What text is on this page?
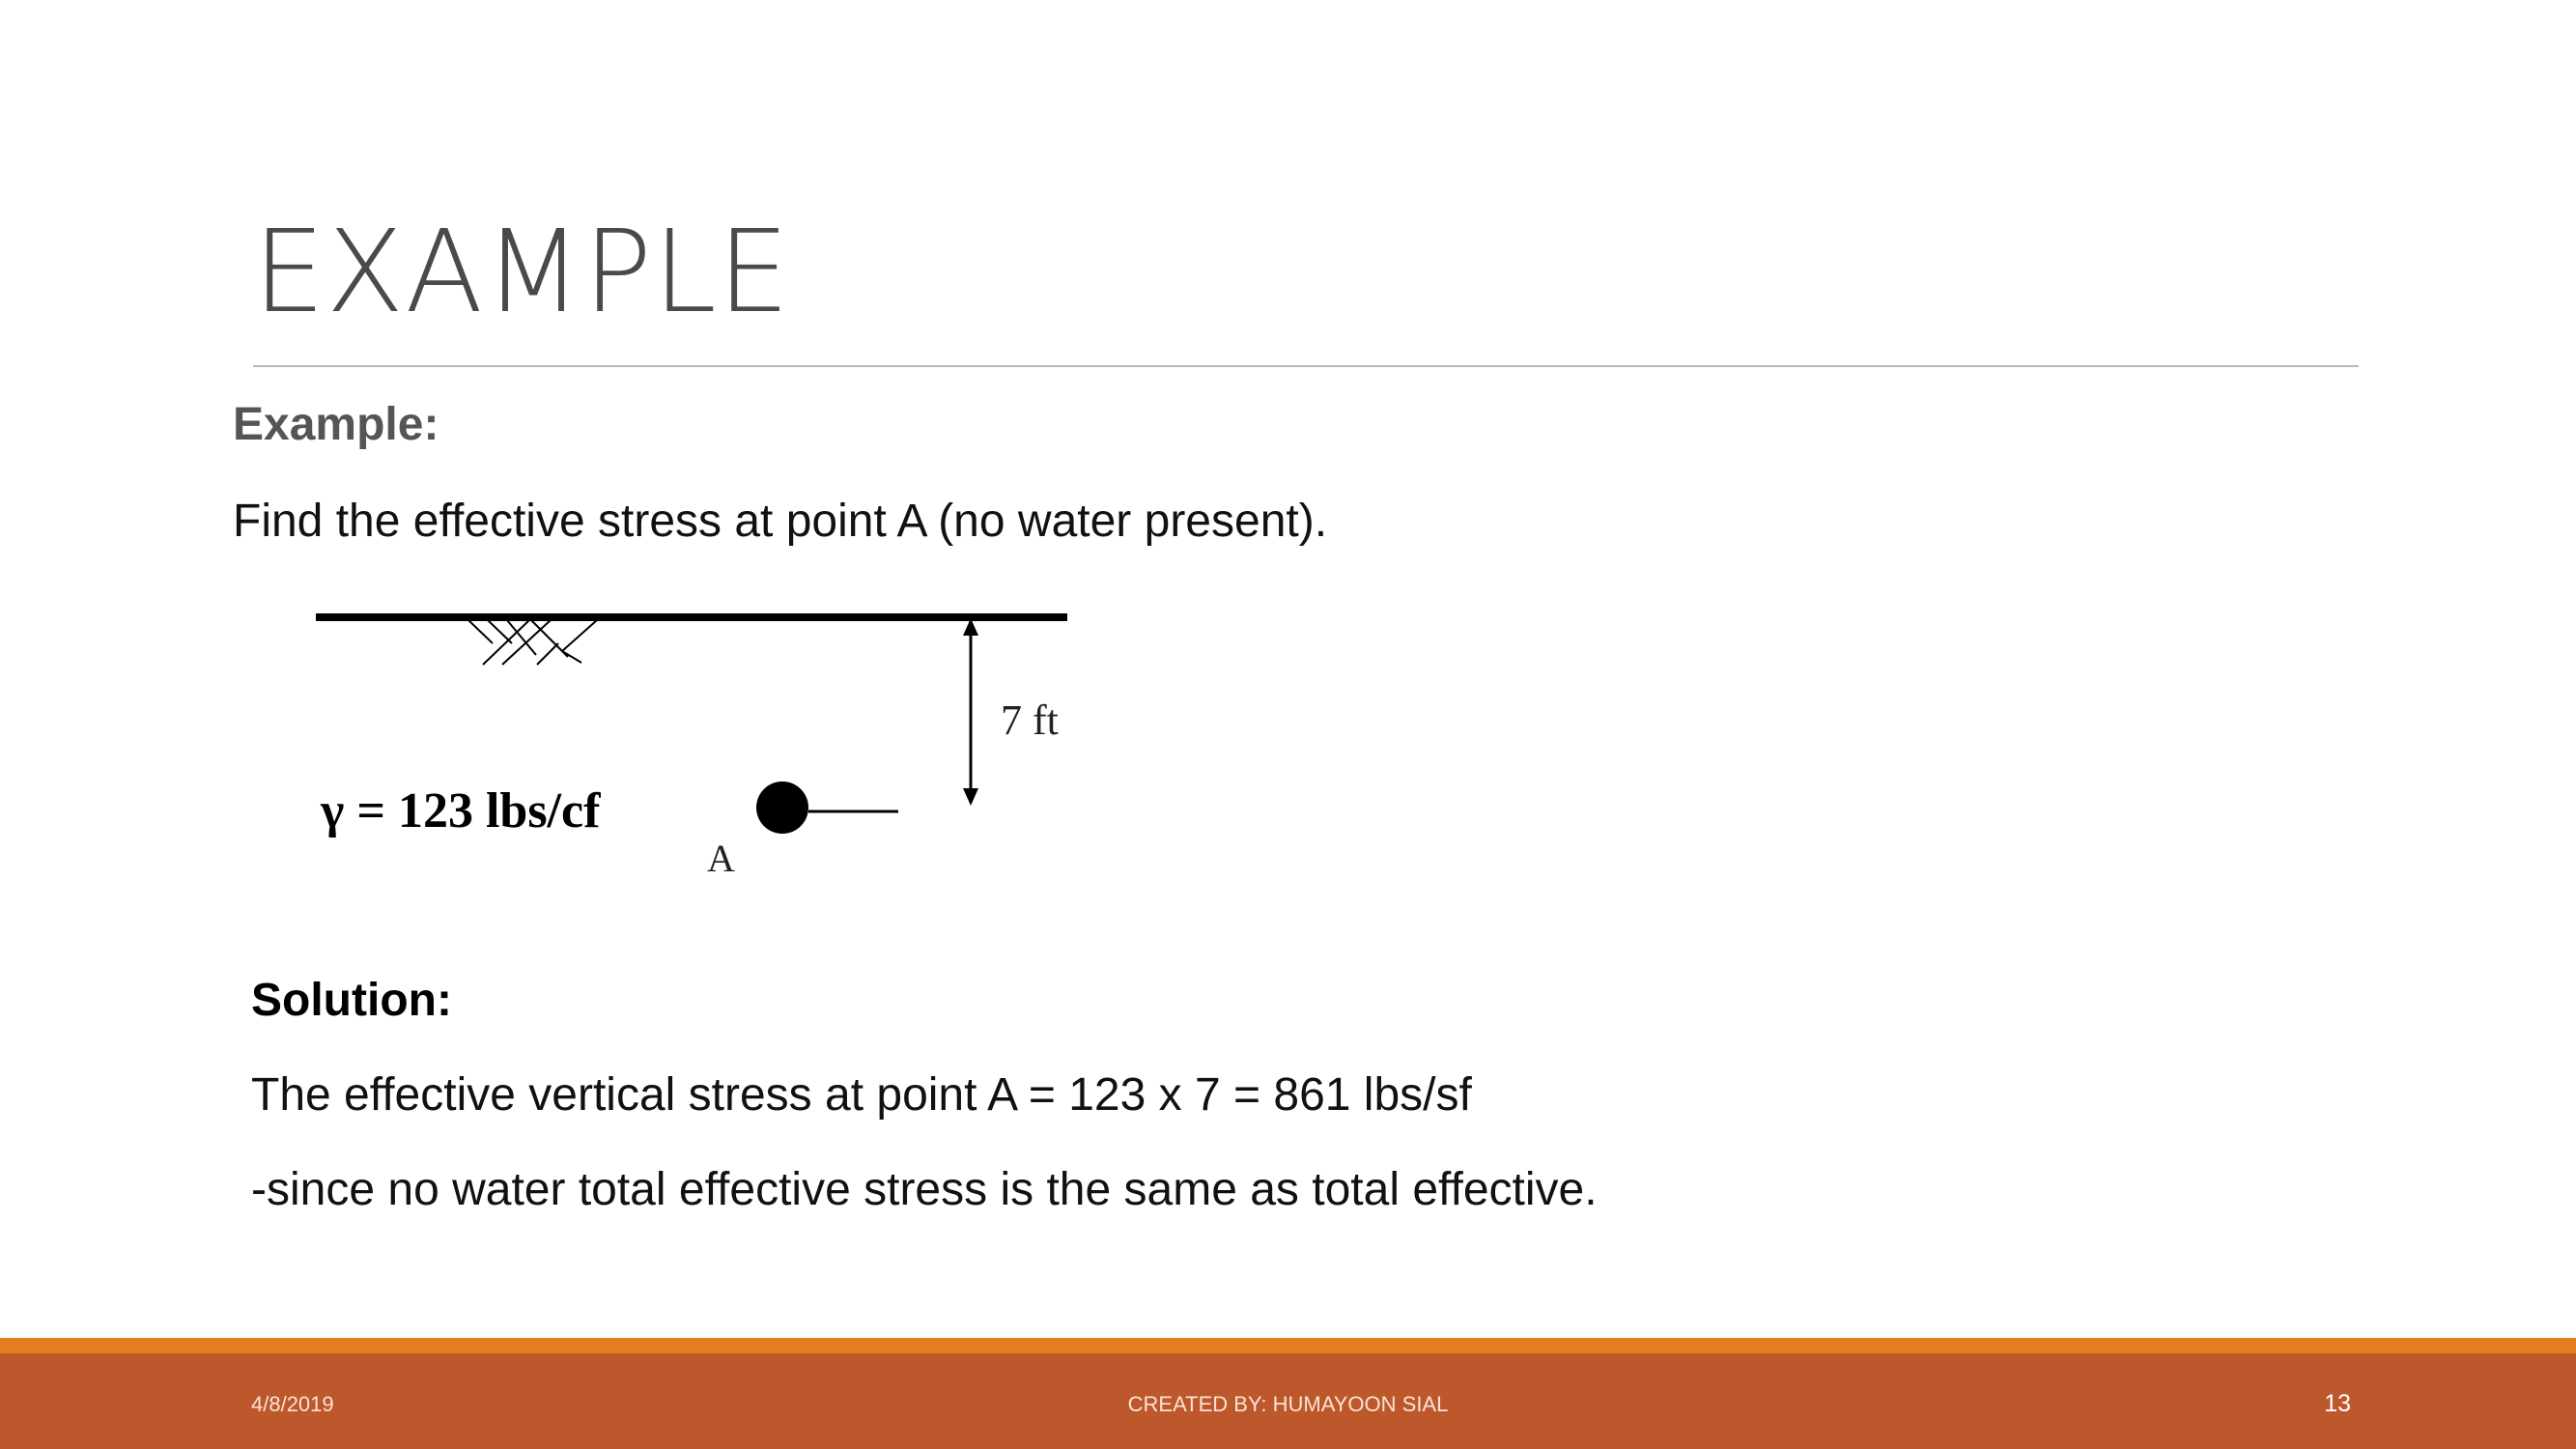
EXAMPLE
Example:
Find the effective stress at point A (no water present).
7 ft
A
γ = 123 lbs/cf
Solution:
The effective vertical stress at point A = 123 x 7 = 861 lbs/sf
-since no water total effective stress is the same as total effective.
4/8/2019	CREATED BY: HUMAYOON SIAL	13
